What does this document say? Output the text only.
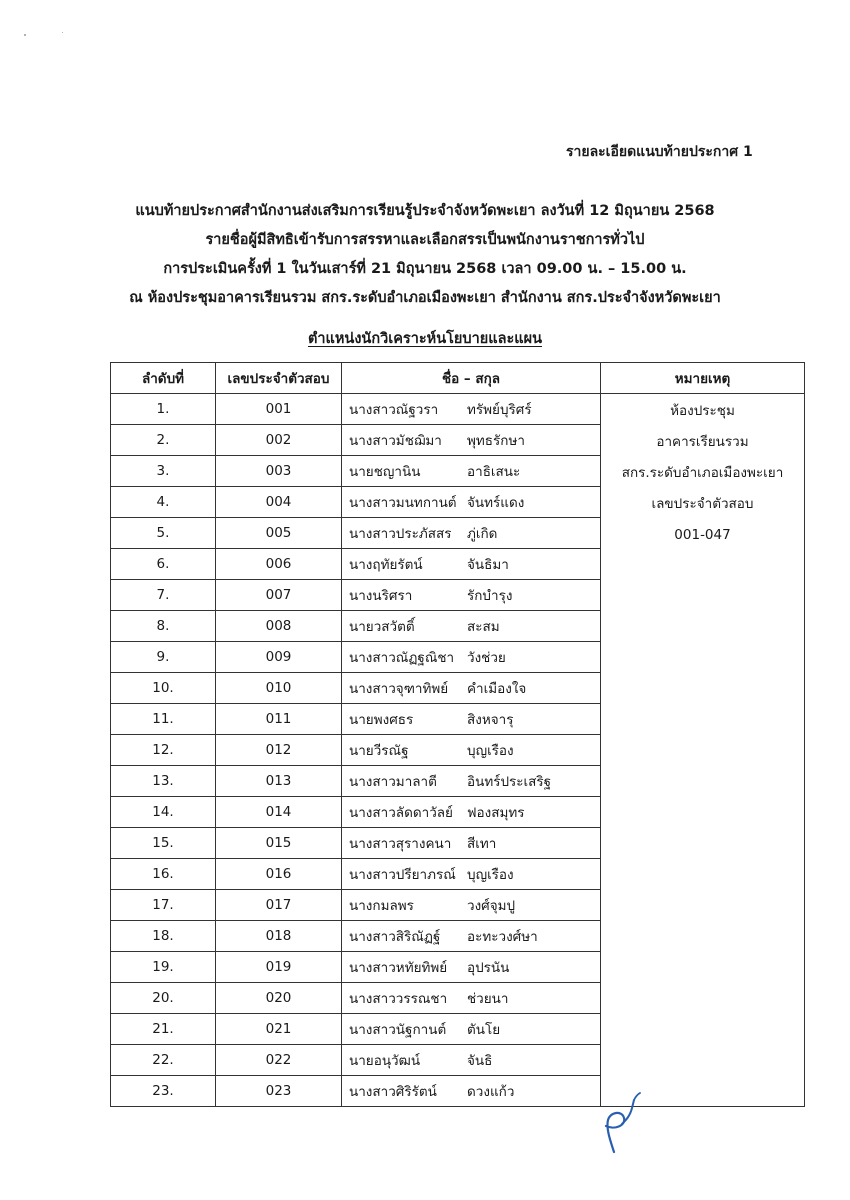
รายละเอียดแนบท้ายประกาศ 1
แนบท้ายประกาศสำนักงานส่งเสริมการเรียนรู้ประจำจังหวัดพะเยา ลงวันที่ 12 มิถุนายน 2568
รายชื่อผู้มีสิทธิเข้ารับการสรรหาและเลือกสรรเป็นพนักงานราชการทั่วไป
การประเมินครั้งที่ 1 ในวันเสาร์ที่ 21 มิถุนายน 2568 เวลา 09.00 น. – 15.00 น.
ณ ห้องประชุมอาคารเรียนรวม สกร.ระดับอำเภอเมืองพะเยา สำนักงาน สกร.ประจำจังหวัดพะเยา
ตำแหน่งนักวิเคราะห์นโยบายและแผน
ลำดับที่	เลขประจำตัวสอบ	ชื่อ – สกุล	หมายเหตุ
1.	001	นางสาวณัฐวรา ทรัพย์บุริศร์	ห้องประชุม
อาคารเรียนรวม
สกร.ระดับอำเภอเมืองพะเยา
เลขประจำตัวสอบ
001-047

2.	002	นางสาวมัชฌิมา พุทธรักษา	
3.	003	นายชญานิน อาธิเสนะ	
4.	004	นางสาวมนทกานต์ จันทร์แดง	
5.	005	นางสาวประภัสสร ภู่เกิด	
6.	006	นางฤทัยรัตน์ จันธิมา	
7.	007	นางนริศรา รักบำรุง	
8.	008	นายวสวัตติ์ สะสม	
9.	009	นางสาวณัฏฐณิชา วังช่วย	
10.	010	นางสาวจุฑาทิพย์ คำเมืองใจ	
11.	011	นายพงศธร สิงหจารุ	
12.	012	นายวีรณัฐ บุญเรือง	
13.	013	นางสาวมาลาตี อินทร์ประเสริฐ	
14.	014	นางสาวลัดดาวัลย์ ฟองสมุทร	
15.	015	นางสาวสุรางคนา สีเทา	
16.	016	นางสาวปรียาภรณ์ บุญเรือง	
17.	017	นางกมลพร วงศ์จุมปู	
18.	018	นางสาวสิริณัฏฐ์ อะทะวงศ์ษา	
19.	019	นางสาวหทัยทิพย์ อุปรนัน	
20.	020	นางสาววรรณชา ช่วยนา	
21.	021	นางสาวนัฐกานต์ ตันโย	
22.	022	นายอนุวัฒน์ จันธิ	
23.	023	นางสาวศิริรัตน์ ดวงแก้ว	
